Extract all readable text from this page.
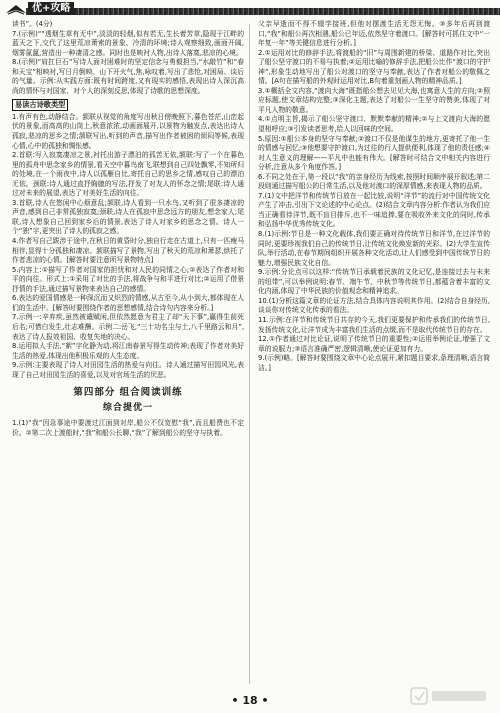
优+攻略

读书”。(4分)

7.(示例)““透烟生草有无中”,淡淡的轻烟,似有若无,生长着芳草,隐现于江畔的蓝天之下,交代了这里荒凉萧索的景象、冷清的环境;诗人观察细致,画面开阔,烟雾氤氲,营造出一种凄清之感。同时也是映衬人物,出诗人落寞,悲凉的心境。

8.(示例)“肩扛巨石”写诗人面对困难时的坚定信念与勇毅担当,“水敲竹”和“春和天宝”相映衬,写日月倒映、山下开火气,焦,咏叹着,写出了悲怆,对困局、谈后的气量。示例:从实践方面:既有时间跨度,又有现实的感悟,表现出诗人深沉高尚的情怀与对国家、对个人的深刻反思,体现了诗歌的思想深度。

易读古诗歌类型

1.有声有色,动静结合。颔联从视觉的角度写出秋日傍晚照下,暮色苍茫,山峦起伏的景象,而高高的山岗上,秋意浓浓,动画面展开,以景物为触发点,表达出诗人孤寂,悲凉的思乡之情;颔联写出,听到的声音,描写出作者被困的烦闷等候,表现心情,心中的孤独和惆怅感。

2.首联:写入寂寞凄凉之景,衬托出游子漂泊的孤苦无依,颔联:写了一个在暮色里的孤舟中思念家乡的情景,看天空中暮鸟南飞,联想到自己四处飘零,不知所归的处境,在一个雨夜中,诗人以孤雁自比,寄托自己的思乡之情,感叹自己的漂泊无依。颈联:诗人通过直抒胸臆的写法,抒发了对友人的怀念之情;尾联:诗人通过对未来的展望,表达了对美好生活的向往。

3.首联,诗人在悠闲中心烦意乱;颔联,诗人看到一只水鸟,又听到了很多凄凉的声音,感到自己非常孤独寂寞;颈联,诗人在孤寂中思念远方的朋友,想念家人;尾联,诗人想象自己回到家乡后的情景,表达了诗人对家乡的思念之情。诗人一个“独”字,更突出了诗人的孤寂之感。

4.作者写自己跋涉于途中,在秋日的黄昏时分,独自行走在古道上,只有一匹瘦马相伴,显得十分孤独和凄凉。颔联描写了景物,写出了秋天的荒凉和萧瑟,烘托了作者悲凉的心情。[解答时要注意所写景物特点]

5.内容上:①描写了作者对国家的担忧和对人民的同情之心;②表达了作者对和平的向往。形式上:①采用了对比的手法,将战争与和平进行对比;②运用了借景抒情的手法,通过描写景物来表达自己的感情。

6.表达的爱国情感是一种深沉而又炽烈的情感,从古至今,从小到大,都体现在人们的生活中。[解答时要围绕作者的思想感情,结合诗句内容来分析。]

7.示例一:辛弃疾,虽然被谴赋闲,但依然愿意为君主了却“天下事”,赢得生前死后名;可惜白发生,壮志难酬。示例二:岳飞,“三十功名尘与土,八千里路云和月”,表达了诗人报效祖国、收复失地的决心。

8.运用拟人手法,“絮”字化静为动,将江南春景写得生动传神;表现了作者对美好生活的热爱,体现出他积极乐观的人生态度。

9.示例:主要表现了诗人对田园生活的热爱与向往。诗人通过描写田园风光,表现了自己对田园生活的喜爱,以及对官场生活的厌恶。

第四部分 组合阅读训练
综合提优一

1.(1)“我”因急事途中要渡过江面到对岸,船公不仅宽慰“我”,而且船费也不定价。②第二次上渡船时,“我”和船公长聊,“我”了解到船公的坚守与执着。

父亲早逝而不得不辍学接班,但他对摆渡生活无怨无悔。③多年后再到渡口,“我”和船公再次相遇,船公已年迈,依然坚守着渡口。[解答时可抓住文中“一年复一年”等关键信息进行分析。]

2.①运用对比的修辞手法,将渡船的“旧”与周围新建的桥梁、道路作对比,突出了船公坚守渡口的不易与执着;②运用比喻的修辞手法,把船公比作“渡口的守护神”,形象生动地写出了船公对渡口的坚守与奉献,表达了作者对船公的敬佩之情。[A句在描写船的外观时运用对比,B句着重刻画人物的精神品质。]

3.①概括全文内容,“渡向大海”既指船公想去见见大海,也寓意人生的方向;②照应标题,使文章结构完整;③深化主题,表达了对船公一生坚守的赞美,体现了对平凡人物的敬意。

4.①点明主旨,揭示了船公坚守渡口、默默奉献的精神;②与上文渡向大海的愿望相呼应;③引发读者思考,给人以回味的空间。

5.原因:①船公本身的坚守与奉献;②渡口不仅是他谋生的地方,更寄托了他一生的情感与回忆;③他想要守护渡口,为过往的行人提供便利,体现了他的责任感;④对人生意义的理解——平凡中也能有伟大。[解答时可结合文中相关内容进行分析,注意从多个角度作答。]

6.不同之处在于,第一段以“我”的亲身经历为线索,按照时间顺序展开叙述;第二段则通过描写船公的日常生活,以及他对渡口的深厚情感,来表现人物的品质。

7.(1)文中把洋节和传统节日放在一起比较,说明“洋节”的流行对中国传统文化产生了冲击,引出下文论述的中心论点。(2)结合文章内容分析:作者认为我们应当正确看待洋节,既不盲目排斥,也不一味追捧,要在吸收外来文化的同时,传承和弘扬中华优秀传统文化。

8.(1)示例:节日是一种文化载体,我们要正确对待传统节日和洋节,在过洋节的同时,更要珍视我们自己的传统节日,让传统文化焕发新的光彩。(2)大学生宣传队,举行活动,在春节期间组织开展各种文化活动,让人们感受到中国传统节日的魅力,增强民族文化自信。

9.示例:分论点可以这样:“传统节日承载着民族的文化记忆,是连接过去与未来的纽带”,可以举例说明:春节、端午节、中秋节等传统节日,都蕴含着丰富的文化内涵,体现了中华民族的价值观念和精神追求。

10.(1)分析这篇文章的论证方法,结合具体内容说明其作用。(2)结合自身经历,谈谈你对传统文化传承的看法。

11.示例:在洋节和传统节日共存的今天,我们更要保护和传承我们的传统节日,发扬传统文化,让洋节成为丰富我们生活的点缀,而不是取代传统节日的存在。

12.①作者通过对比论证,说明了传统节日的重要性;②运用举例论证,增强了文章的说服力;③语言准确严密,逻辑清晰,使论证更加有力。

9.(示例)略。[解答时要围绕文章中心论点展开,紧扣题目要求,条理清晰,语言简洁。]

• 18 •
